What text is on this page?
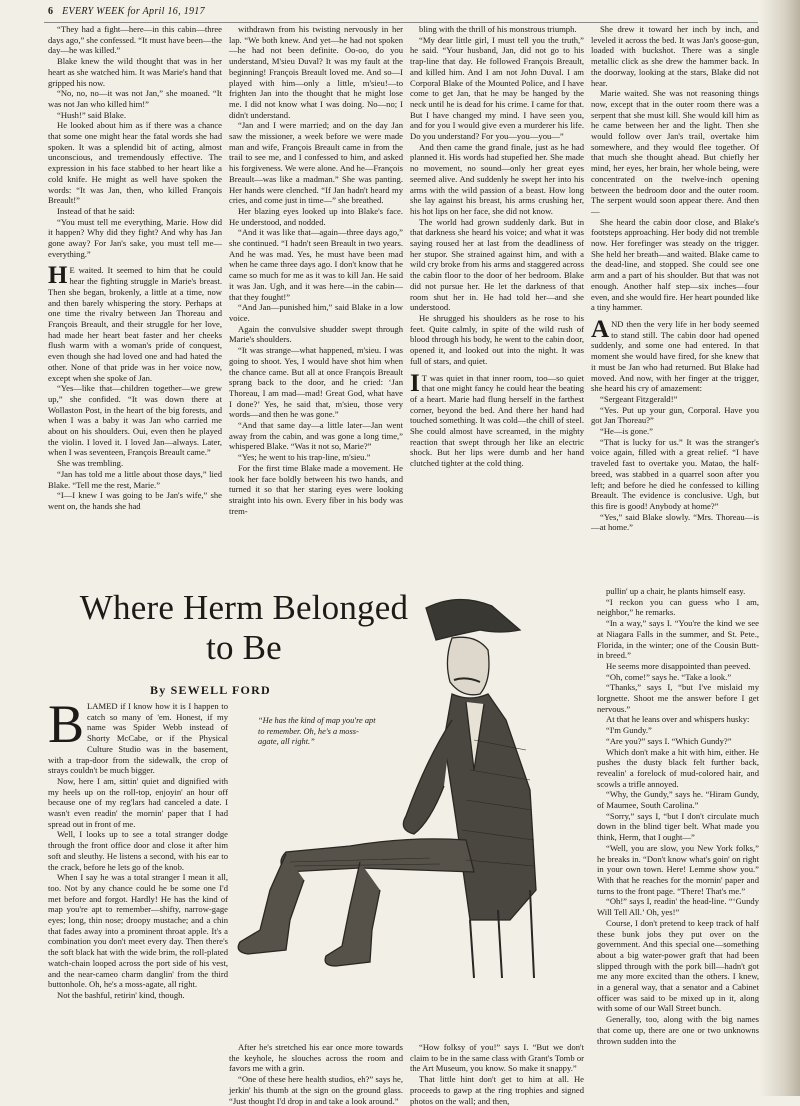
6 EVERY WEEK for April 16, 1917

“They had a fight—here—in this cabin—three days ago,” she confessed. “It must have been—the day—he was killed.”

Blake knew the wild thought that was in her heart as she watched him. It was Marie's hand that gripped his now.

“No, no, no—it was not Jan,” she moaned. “It was not Jan who killed him!”

“Hush!” said Blake.

He looked about him as if there was a chance that some one might hear the fatal words she had spoken. It was a splendid bit of acting, almost unconscious, and tremendously effective. The expression in his face stabbed to her heart like a cold knife. He might as well have spoken the words: “It was Jan, then, who killed François Breault!”

Instead of that he said:

“You must tell me everything, Marie. How did it happen? Why did they fight? And why has Jan gone away? For Jan's sake, you must tell me—everything.”

H E waited. It seemed to him that he could hear the fighting struggle in Marie's breast. Then she began, brokenly, a little at a time, now and then barely whispering the story. Perhaps at one time the rivalry between Jan Thoreau and François Breault, and their struggle for her love, had made her heart beat faster and her cheeks flush warm with a woman's pride of conquest, even though she had loved one and had hated the other. None of that pride was in her voice now, except when she spoke of Jan.

“Yes—like that—children together—we grew up,” she confided. “It was down there at Wollaston Post, in the heart of the big forests, and when I was a baby it was Jan who carried me about on his shoulders. Oui, even then he played the violin. I loved it. I loved Jan—always. Later, when I was seventeen, François Breault came.”

She was trembling.

“Jan has told me a little about those days,” lied Blake. “Tell me the rest, Marie.”

“I—I knew I was going to be Jan's wife,” she went on, the hands she had

withdrawn from his twisting nervously in her lap. “We both knew. And yet—he had not spoken—he had not been definite. Oo-oo, do you understand, M'sieu Duval? It was my fault at the beginning! François Breault loved me. And so—I played with him—only a little, m'sieu!—to frighten Jan into the thought that he might lose me. I did not know what I was doing. No—no; I didn't understand.

“Jan and I were married; and on the day Jan saw the missioner, a week before we were made man and wife, François Breault came in from the trail to see me, and I confessed to him, and asked his forgiveness. We were alone. And he—François Breault—was like a madman.” She was panting. Her hands were clenched. “If Jan hadn't heard my cries, and come just in time—” she breathed.

Her blazing eyes looked up into Blake's face. He understood, and nodded.

“And it was like that—again—three days ago,” she continued. “I hadn't seen Breault in two years. And he was mad. Yes, he must have been mad when he came three days ago. I don't know that he came so much for me as it was to kill Jan. He said it was Jan. Ugh, and it was here—in the cabin—that they fought!”

“And Jan—punished him,” said Blake in a low voice.

Again the convulsive shudder swept through Marie's shoulders.

“It was strange—what happened, m'sieu. I was going to shoot. Yes, I would have shot him when the chance came. But all at once François Breault sprang back to the door, and he cried: ‘Jan Thoreau, I am mad—mad! Great God, what have I done?’ Yes, he said that, m'sieu, those very words—and then he was gone.”

“And that same day—a little later—Jan went away from the cabin, and was gone a long time,” whispered Blake. “Was it not so, Marie?”

“Yes; he went to his trap-line, m'sieu.”

For the first time Blake made a movement. He took her face boldly between his two hands, and turned it so that her staring eyes were looking straight into his own. Every fiber in his body was trem-

bling with the thrill of his monstrous triumph.

“My dear little girl, I must tell you the truth,” he said. “Your husband, Jan, did not go to his trap-line that day. He followed François Breault, and killed him. And I am not John Duval. I am Corporal Blake of the Mounted Police, and I have come to get Jan, that he may be hanged by the neck until he is dead for his crime. I came for that. But I have changed my mind. I have seen you, and for you I would give even a murderer his life. Do you understand? For you—you—you—”

And then came the grand finale, just as he had planned it. His words had stupefied her. She made no movement, no sound—only her great eyes seemed alive. And suddenly he swept her into his arms with the wild passion of a beast. How long she lay against his breast, his arms crushing her, his hot lips on her face, she did not know.

The world had grown suddenly dark. But in that darkness she heard his voice; and what it was saying roused her at last from the deadliness of her stupor. She strained against him, and with a wild cry broke from his arms and staggered across the cabin floor to the door of her bedroom. Blake did not pursue her. He let the darkness of that room shut her in. He had told her—and she understood.

He shrugged his shoulders as he rose to his feet. Quite calmly, in spite of the wild rush of blood through his body, he went to the cabin door, opened it, and looked out into the night. It was full of stars, and quiet.

I T was quiet in that inner room, too—so quiet that one might fancy he could hear the beating of a heart. Marie had flung herself in the farthest corner, beyond the bed. And there her hand had touched something. It was cold—the chill of steel. She could almost have screamed, in the mighty reaction that swept through her like an electric shock. But her lips were dumb and her hand clutched tighter at the cold thing.

She drew it toward her inch by inch, and leveled it across the bed. It was Jan's goose-gun, loaded with buckshot. There was a single metallic click as she drew the hammer back. In the doorway, looking at the stars, Blake did not hear.

Marie waited. She was not reasoning things now, except that in the outer room there was a serpent that she must kill. She would kill him as he came between her and the light. Then she would follow over Jan's trail, overtake him somewhere, and they would flee together. Of that much she thought ahead. But chiefly her mind, her eyes, her brain, her whole being, were concentrated on the twelve-inch opening between the bedroom door and the outer room. The serpent would soon appear there. And then—

She heard the cabin door close, and Blake's footsteps approaching. Her body did not tremble now. Her forefinger was steady on the trigger. She held her breath—and waited. Blake came to the dead-line, and stopped. She could see one arm and a part of his shoulder. But that was not enough. Another half step—six inches—four even, and she would fire. Her heart pounded like a tiny hammer.

AND then the very life in her body seemed to stand still. The cabin door had opened suddenly, and some one had entered. In that moment she would have fired, for she knew that it must be Jan who had returned. But Blake had moved. And now, with her finger at the trigger, she heard his cry of amazement:

“Sergeant Fitzgerald!”

“Yes. Put up your gun, Corporal. Have you got Jan Thoreau?”

“He—is gone.”

“That is lucky for us.” It was the stranger's voice again, filled with a great relief. “I have traveled fast to overtake you. Matao, the half-breed, was stabbed in a quarrel soon after you left; and before he died he confessed to killing Breault. The evidence is conclusive. Ugh, but this fire is good! Anybody at home?”

“Yes,” said Blake slowly. “Mrs. Thoreau—is—at home.”

Where Herm Belonged
to Be
By SEWELL FORD
“He has the kind of map you're apt to remember. Oh, he's a moss-agate, all right.”

BLAMED if I know how it is I happen to catch so many of 'em. Honest, if my name was Spider Webb instead of Shorty McCabe, or if the Physical Culture Studio was in the basement, with a trap-door from the sidewalk, the crop of strays couldn't be much bigger.

Now, here I am, sittin' quiet and dignified with my heels up on the roll-top, enjoyin' an hour off because one of my reg'lars had canceled a date. I wasn't even readin' the mornin' paper that I had spread out in front of me.

Well, I looks up to see a total stranger dodge through the front office door and close it after him soft and sleuthy. He listens a second, with his ear to the crack, before he lets go of the knob.

When I say he was a total stranger I mean it all, too. Not by any chance could he be some one I'd met before and forgot. Hardly! He has the kind of map you're apt to remember—shifty, narrow-gage eyes; long, thin nose; droopy mustache; and a chin that fades away into a prominent throat apple. It's a combination you don't meet every day. Then there's the soft black hat with the wide brim, the roll-plated watch-chain looped across the port side of his vest, and the near-cameo charm danglin' from the third buttonhole. Oh, he's a moss-agate, all right.

Not the bashful, retirin' kind, though.

After he's stretched his ear once more towards the keyhole, he slouches across the room and favors me with a grin.

“One of these here health studios, eh?” says he, jerkin' his thumb at the sign on the ground glass. “Just thought I'd drop in and take a look around.”

“How folksy of you!” says I. “But we don't claim to be in the same class with Grant's Tomb or the Art Museum, you know. So make it snappy.”

That little hint don't get to him at all. He proceeds to gawp at the ring trophies and signed photos on the wall; and then,

pullin' up a chair, he plants himself easy.

“I reckon you can guess who I am, neighbor,” he remarks.

“In a way,” says I. “You're the kind we see at Niagara Falls in the summer, and St. Pete., Florida, in the winter; one of the Cousin Butt-in breed.”

He seems more disappointed than peeved.

“Oh, come!” says he. “Take a look.”

“Thanks,” says I, “but I've mislaid my lorgnette. Shoot me the answer before I get nervous.”

At that he leans over and whispers husky:

“I'm Gundy.”

“Are you?” says I. “Which Gundy?”

Which don't make a hit with him, either. He pushes the dusty black felt further back, revealin' a forelock of mud-colored hair, and scowls a trifle annoyed.

“Why, the Gundy,” says he. “Hiram Gundy, of Maumee, South Carolina.”

“Sorry,” says I, “but I don't circulate much down in the blind tiger belt. What made you think, Herm, that I ought—”

“Well, you are slow, you New York folks,” he breaks in. “Don't know what's goin' on right in your own town. Here! Lemme show you.” With that he reaches for the mornin' paper and turns to the front page. “There! That's me.”

“Oh!” says I, readin' the head-line. “‘Gundy Will Tell All.’ Oh, yes!”

Course, I don't pretend to keep track of half these bunk jobs they put over on the government. And this special one—something about a big water-power graft that had been slipped through with the pork bill—hadn't got me any more excited than the others. I knew, in a general way, that a senator and a Cabinet officer was said to be mixed up in it, along with some of our Wall Street bunch.

Generally, too, along with the big names that come up, there are one or two unknowns thrown sudden into the
